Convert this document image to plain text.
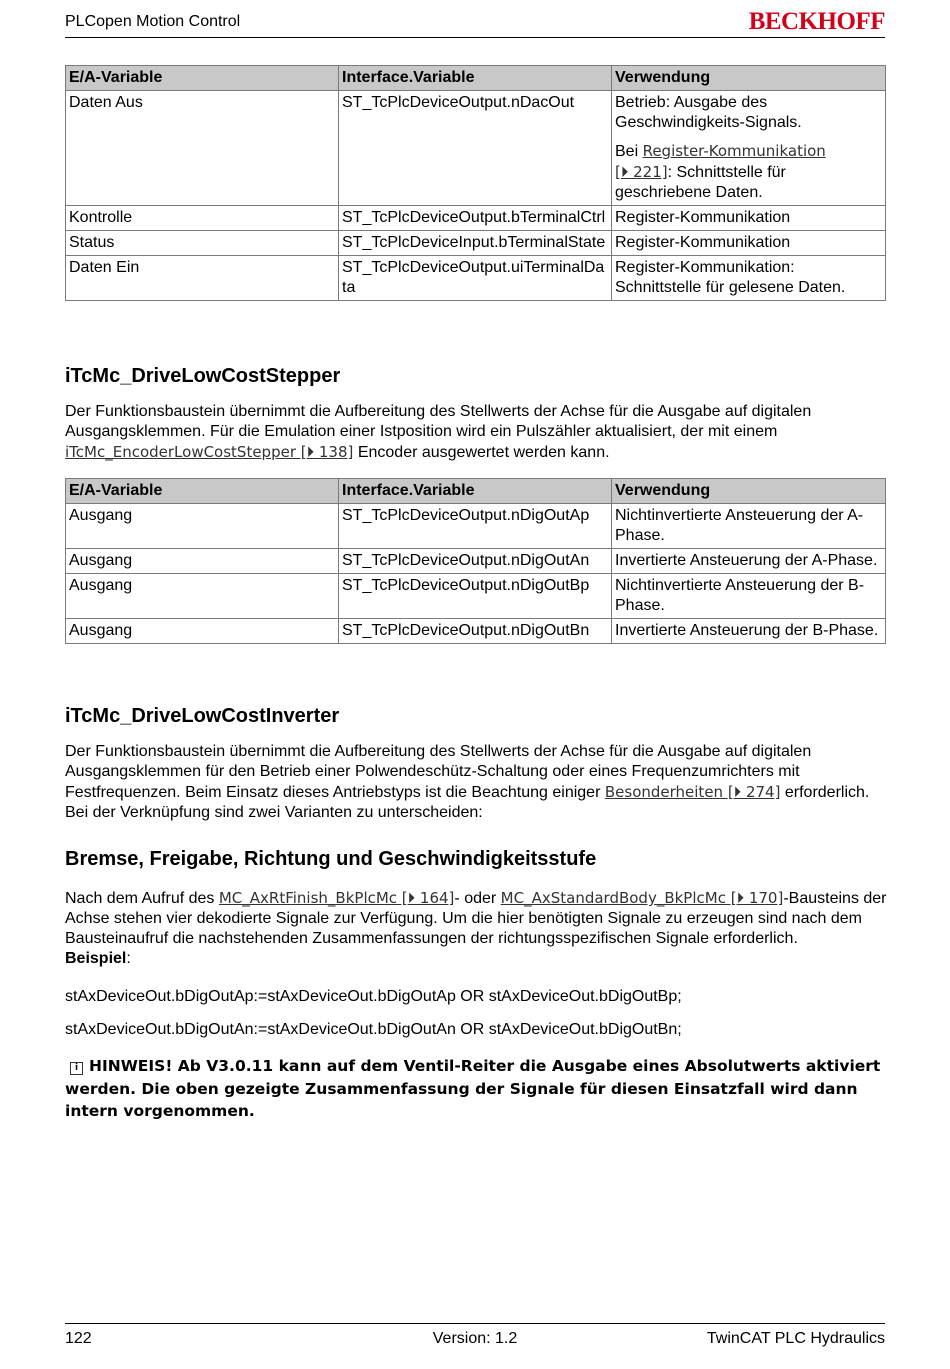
PLCopen Motion Control	BECKHOFF
E/A-Variable	Interface.Variable	Verwendung
Daten Aus	ST_TcPlcDeviceOutput.nDacOut	Betrieb: Ausgabe des Geschwindigkeits-Signals.
Bei Register-Kommunikation
[⏵ 221]: Schnittstelle für geschriebene Daten.

Kontrolle	ST_TcPlcDeviceOutput.bTerminalCtrl	Register-Kommunikation
Status	ST_TcPlcDeviceInput.bTerminalState	Register-Kommunikation
Daten Ein	ST_TcPlcDeviceOutput.uiTerminalData	Register-Kommunikation: Schnittstelle für gelesene Daten.
iTcMc_DriveLowCostStepper

Der Funktionsbaustein übernimmt die Aufbereitung des Stellwerts der Achse für die Ausgabe auf digitalen Ausgangsklemmen. Für die Emulation einer Istposition wird ein Pulszähler aktualisiert, der mit einem iTcMc_EncoderLowCostStepper [⏵ 138] Encoder ausgewertet werden kann.

E/A-Variable	Interface.Variable	Verwendung
Ausgang	ST_TcPlcDeviceOutput.nDigOutAp	Nichtinvertierte Ansteuerung der A-Phase.
Ausgang	ST_TcPlcDeviceOutput.nDigOutAn	Invertierte Ansteuerung der A-Phase.
Ausgang	ST_TcPlcDeviceOutput.nDigOutBp	Nichtinvertierte Ansteuerung der B-Phase.
Ausgang	ST_TcPlcDeviceOutput.nDigOutBn	Invertierte Ansteuerung der B-Phase.
iTcMc_DriveLowCostInverter

Der Funktionsbaustein übernimmt die Aufbereitung des Stellwerts der Achse für die Ausgabe auf digitalen Ausgangsklemmen für den Betrieb einer Polwendeschütz-Schaltung oder eines Frequenzumrichters mit Festfrequenzen. Beim Einsatz dieses Antriebstyps ist die Beachtung einiger Besonderheiten [⏵ 274] erforderlich. Bei der Verknüpfung sind zwei Varianten zu unterscheiden:

Bremse, Freigabe, Richtung und Geschwindigkeitsstufe

Nach dem Aufruf des MC_AxRtFinish_BkPlcMc [⏵ 164]- oder MC_AxStandardBody_BkPlcMc [⏵ 170]-Bausteins der Achse stehen vier dekodierte Signale zur Verfügung. Um die hier benötigten Signale zu erzeugen sind nach dem Bausteinaufruf die nachstehenden Zusammenfassungen der richtungsspezifischen Signale erforderlich.
Beispiel:

stAxDeviceOut.bDigOutAp:=stAxDeviceOut.bDigOutAp OR stAxDeviceOut.bDigOutBp;

stAxDeviceOut.bDigOutAn:=stAxDeviceOut.bDigOutAn OR stAxDeviceOut.bDigOutBn;

i HINWEIS! Ab V3.0.11 kann auf dem Ventil-Reiter die Ausgabe eines Absolutwerts aktiviert werden. Die oben gezeigte Zusammenfassung der Signale für diesen Einsatzfall wird dann intern vorgenommen.
Version: 1.2
122	TwinCAT PLC Hydraulics
